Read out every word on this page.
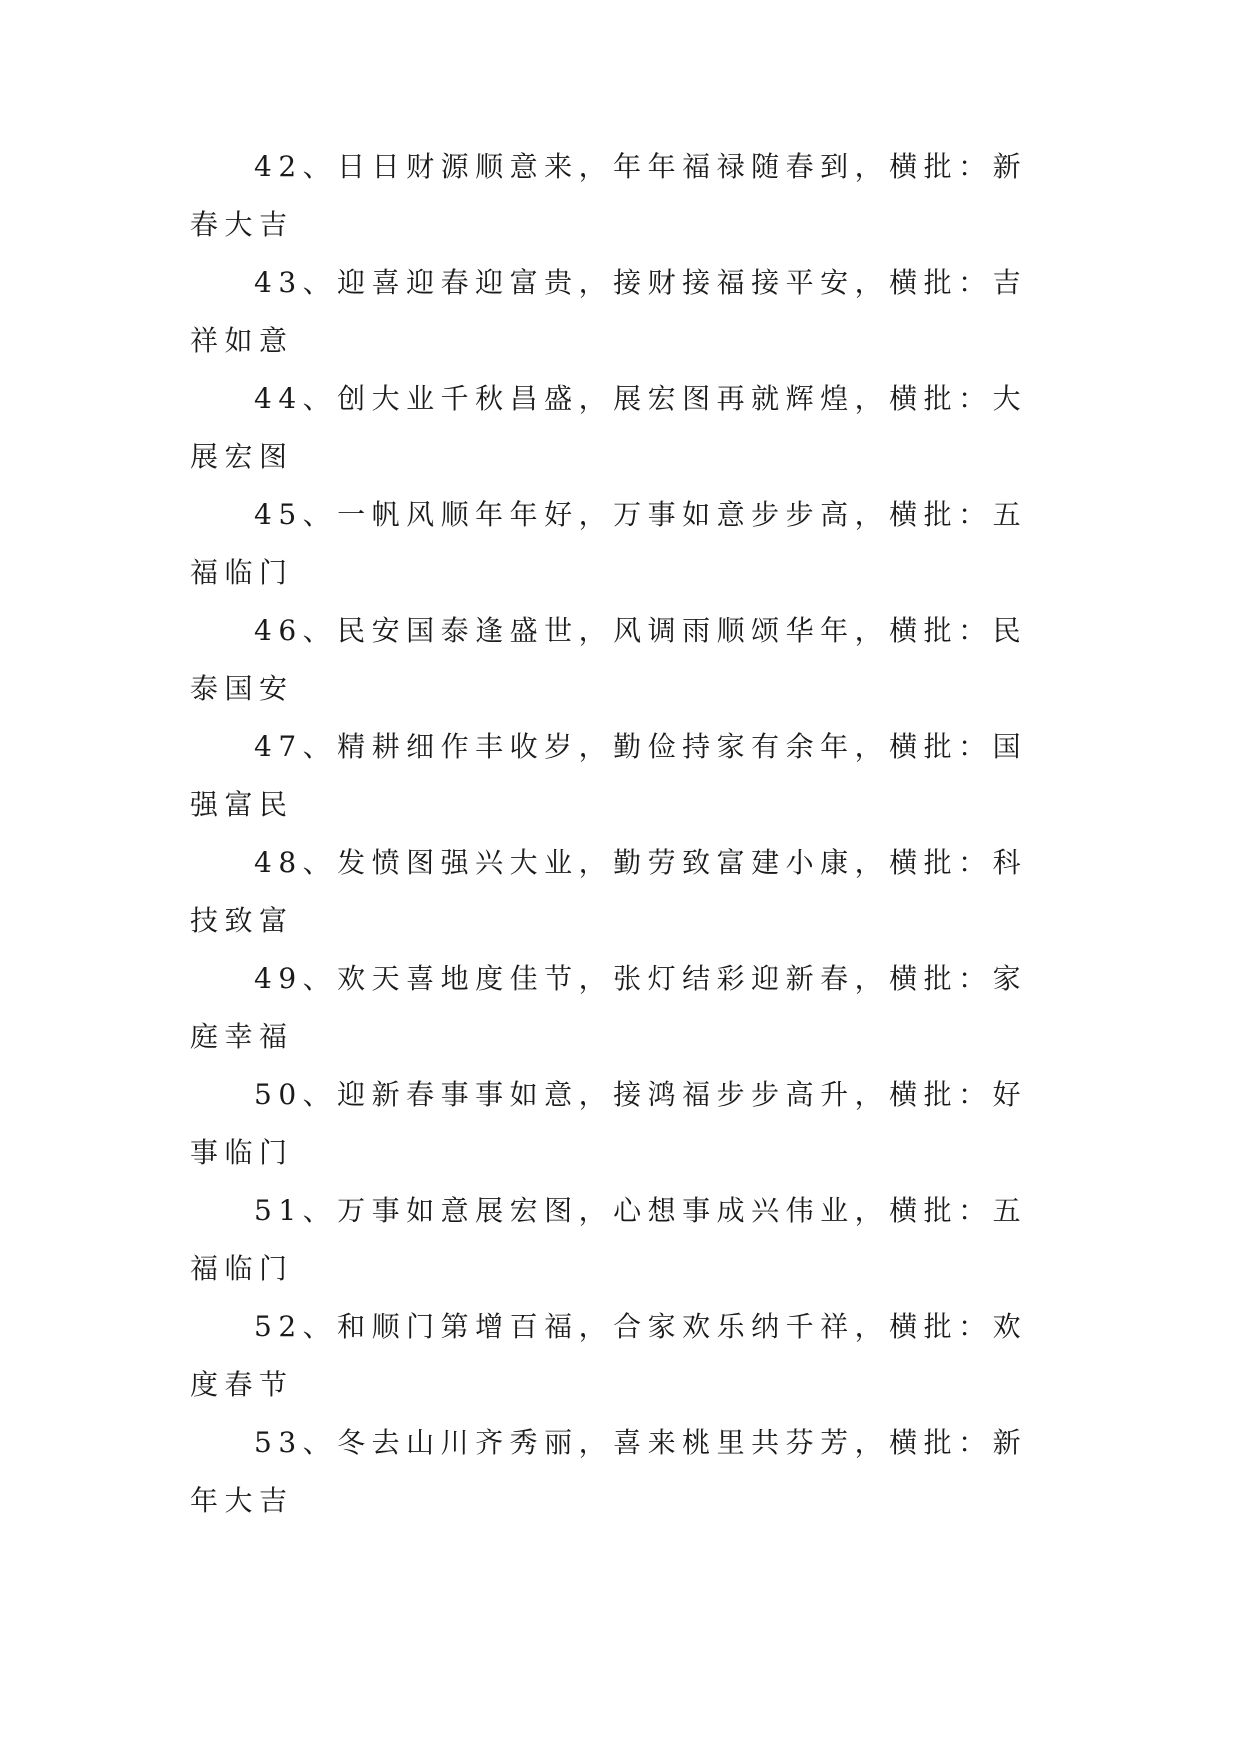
42、日日财源顺意来，年年福禄随春到，横批：新春大吉

43、迎喜迎春迎富贵，接财接福接平安，横批：吉祥如意

44、创大业千秋昌盛，展宏图再就辉煌，横批：大展宏图

45、一帆风顺年年好，万事如意步步高，横批：五福临门

46、民安国泰逢盛世，风调雨顺颂华年，横批：民泰国安

47、精耕细作丰收岁，勤俭持家有余年，横批：国强富民

48、发愤图强兴大业，勤劳致富建小康，横批：科技致富

49、欢天喜地度佳节，张灯结彩迎新春，横批：家庭幸福

50、迎新春事事如意，接鸿福步步高升，横批：好事临门

51、万事如意展宏图，心想事成兴伟业，横批：五福临门

52、和顺门第增百福，合家欢乐纳千祥，横批：欢度春节

53、冬去山川齐秀丽，喜来桃里共芬芳，横批：新年大吉
